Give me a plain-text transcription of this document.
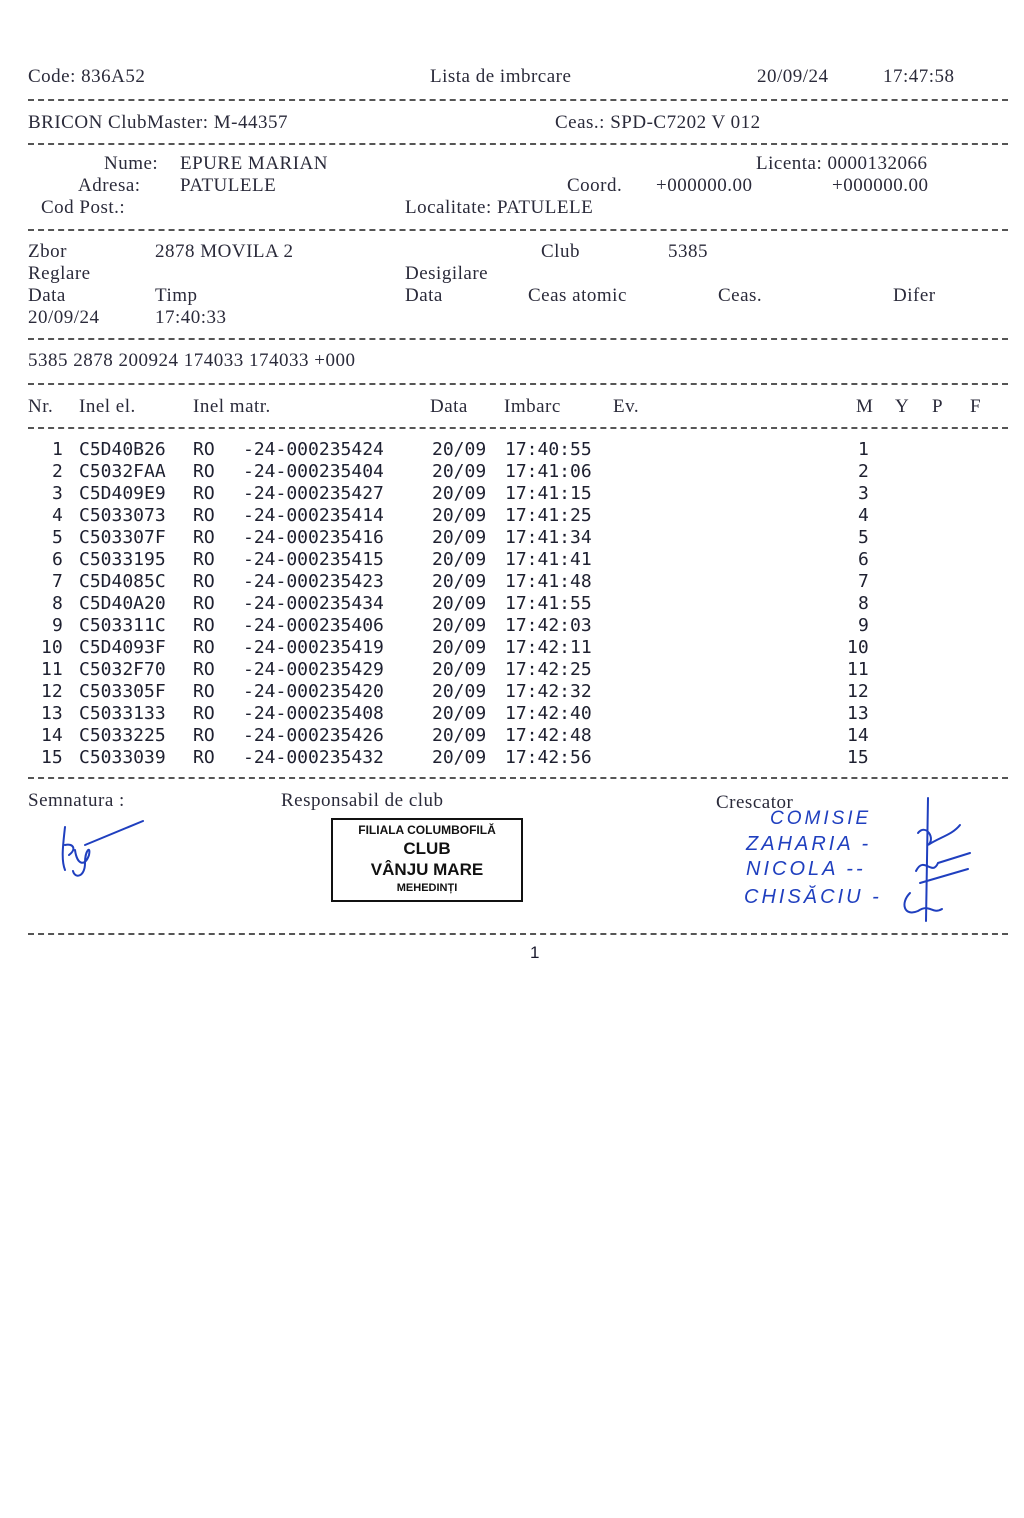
Code: 836A52	Lista de imbrcare	20/09/24	17:47:58
BRICON ClubMaster: M-44357	Ceas.: SPD-C7202 V 012
Nume: EPURE MARIAN	Licenta: 0000132066
Adresa: PATULELE	Coord. +000000.00	+000000.00
Cod Post.:	Localitate: PATULELE
Zbor	2878 MOVILA 2	Club	5385
Reglare	Desigilare
Data	Timp	Data	Ceas atomic	Ceas.	Difer
20/09/24	17:40:33
5385 2878 200924 174033 174033 +000
Nr. Inel el.	Inel matr.	Data Imbarc	Ev.	M Y P F
1 C5D40B26 RO -24-000235424	20/09 17:40:55	1
2 C5032FAA RO -24-000235404	20/09 17:41:06	2
3 C5D409E9 RO -24-000235427	20/09 17:41:15	3
4 C5033073 RO -24-000235414	20/09 17:41:25	4
5 C503307F RO -24-000235416	20/09 17:41:34	5
6 C5033195 RO -24-000235415	20/09 17:41:41	6
7 C5D4085C RO -24-000235423	20/09 17:41:48	7
8 C5D40A20 RO -24-000235434	20/09 17:41:55	8
9 C503311C RO -24-000235406	20/09 17:42:03	9
10 C5D4093F RO -24-000235419	20/09 17:42:11	10
11 C5032F70 RO -24-000235429	20/09 17:42:25	11
12 C503305F RO -24-000235420	20/09 17:42:32	12
13 C5033133 RO -24-000235408	20/09 17:42:40	13
14 C5033225 RO -24-000235426	20/09 17:42:48	14
15 C5033039 RO -24-000235432	20/09 17:42:56	15
Semnatura :	Responsabil de club	Crescator
FILIALA COLUMBOFILĂ
CLUB
VÂNJU MARE
MEHEDINȚI
COMISIE
ZAHARIA -
NICOLA --
CHISĂCIU -
1
